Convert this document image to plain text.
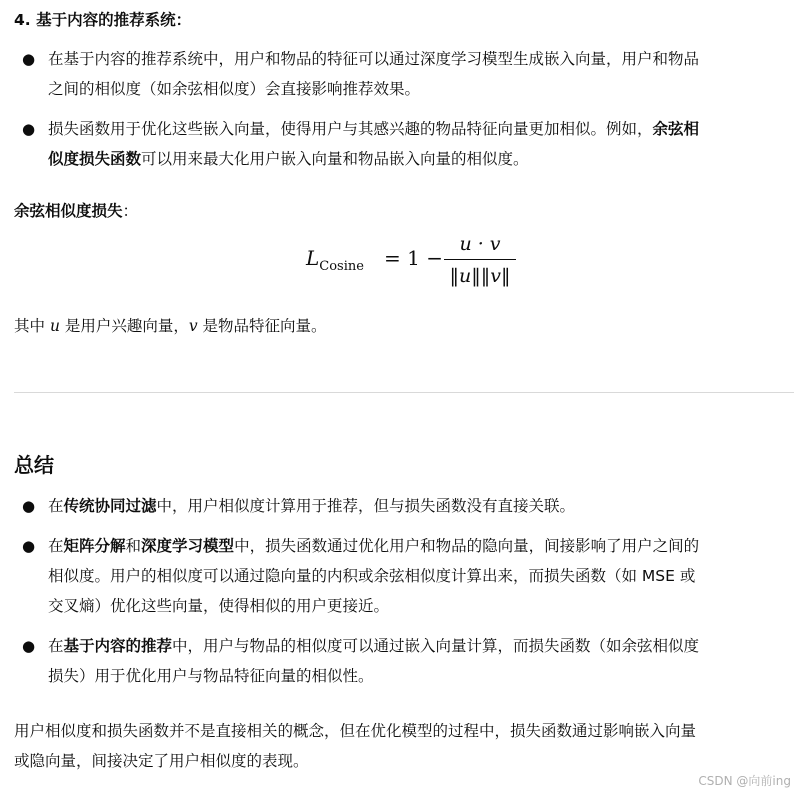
4. 基于内容的推荐系统：
● 在基于内容的推荐系统中，用户和物品的特征可以通过深度学习模型生成嵌入向量，用户和物品
之间的相似度（如余弦相似度）会直接影响推荐效果。
● 损失函数用于优化这些嵌入向量，使得用户与其感兴趣的物品特征向量更加相似。例如，余弦相
似度损失函数可以用来最大化用户嵌入向量和物品嵌入向量的相似度。
余弦相似度损失：
$L_{Cosine} = 1$ −
u · v
‖u‖‖v‖
其中 u 是用户兴趣向量，v 是物品特征向量。
总结
● 在传统协同过滤中，用户相似度计算用于推荐，但与损失函数没有直接关联。
● 在矩阵分解和深度学习模型中，损失函数通过优化用户和物品的隐向量，间接影响了用户之间的
相似度。用户的相似度可以通过隐向量的内积或余弦相似度计算出来，而损失函数（如 MSE 或
交叉熵）优化这些向量，使得相似的用户更接近。
● 在基于内容的推荐中，用户与物品的相似度可以通过嵌入向量计算，而损失函数（如余弦相似度
损失）用于优化用户与物品特征向量的相似性。
用户相似度和损失函数并不是直接相关的概念，但在优化模型的过程中，损失函数通过影响嵌入向量
或隐向量，间接决定了用户相似度的表现。
CSDN @向前ing
